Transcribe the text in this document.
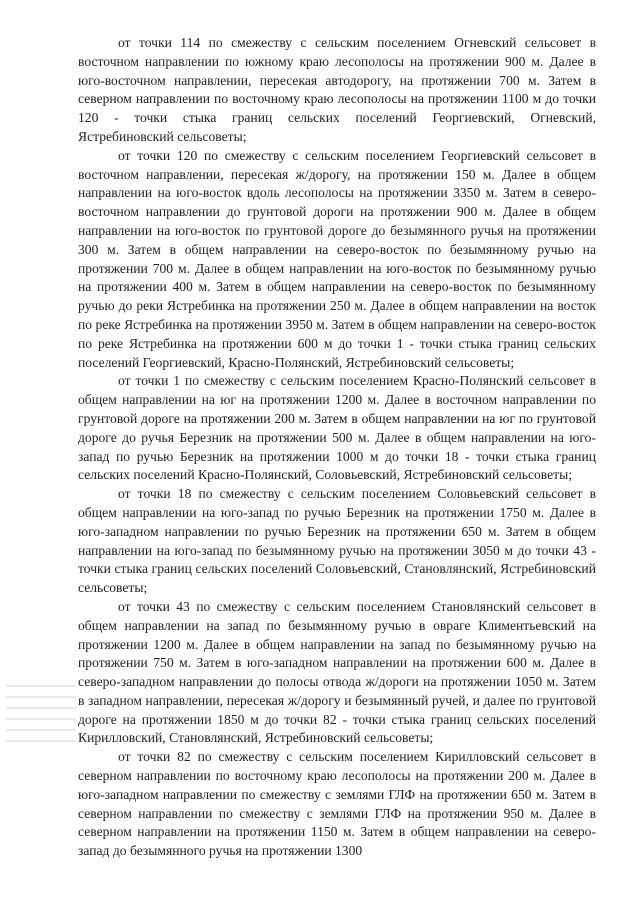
от точки 114 по смежеству с сельским поселением Огневский сельсовет в восточном направлении по южному краю лесополосы на протяжении 900 м. Далее в юго-восточном направлении, пересекая автодорогу, на протяжении 700 м. Затем в северном направлении по восточному краю лесополосы на протяжении 1100 м до точки 120 - точки стыка границ сельских поселений Георгиевский, Огневский, Ястребиновский сельсоветы;

от точки 120 по смежеству с сельским поселением Георгиевский сельсовет в восточном направлении, пересекая ж/дорогу, на протяжении 150 м. Далее в общем направлении на юго-восток вдоль лесополосы на протяжении 3350 м. Затем в северо-восточном направлении до грунтовой дороги на протяжении 900 м. Далее в общем направлении на юго-восток по грунтовой дороге до безымянного ручья на протяжении 300 м. Затем в общем направлении на северо-восток по безымянному ручью на протяжении 700 м. Далее в общем направлении на юго-восток по безымянному ручью на протяжении 400 м. Затем в общем направлении на северо-восток по безымянному ручью до реки Ястребинка на протяжении 250 м. Далее в общем направлении на восток по реке Ястребинка на протяжении 3950 м. Затем в общем направлении на северо-восток по реке Ястребинка на протяжении 600 м до точки 1 - точки стыка границ сельских поселений Георгиевский, Красно-Полянский, Ястребиновский сельсоветы;

от точки 1 по смежеству с сельским поселением Красно-Полянский сельсовет в общем направлении на юг на протяжении 1200 м. Далее в восточном направлении по грунтовой дороге на протяжении 200 м. Затем в общем направлении на юг по грунтовой дороге до ручья Березник на протяжении 500 м. Далее в общем направлении на юго-запад по ручью Березник на протяжении 1000 м до точки 18 - точки стыка границ сельских поселений Красно-Полянский, Соловьевский, Ястребиновский сельсоветы;

от точки 18 по смежеству с сельским поселением Соловьевский сельсовет в общем направлении на юго-запад по ручью Березник на протяжении 1750 м. Далее в юго-западном направлении по ручью Березник на протяжении 650 м. Затем в общем направлении на юго-запад по безымянному ручью на протяжении 3050 м до точки 43 - точки стыка границ сельских поселений Соловьевский, Становлянский, Ястребиновский сельсоветы;

от точки 43 по смежеству с сельским поселением Становлянский сельсовет в общем направлении на запад по безымянному ручью в овраге Климентьевский на протяжении 1200 м. Далее в общем направлении на запад по безымянному ручью на протяжении 750 м. Затем в юго-западном направлении на протяжении 600 м. Далее в северо-западном направлении до полосы отвода ж/дороги на протяжении 1050 м. Затем в западном направлении, пересекая ж/дорогу и безымянный ручей, и далее по грунтовой дороге на протяжении 1850 м до точки 82 - точки стыка границ сельских поселений Кирилловский, Становлянский, Ястребиновский сельсоветы;

от точки 82 по смежеству с сельским поселением Кирилловский сельсовет в северном направлении по восточному краю лесополосы на протяжении 200 м. Далее в юго-западном направлении по смежеству с землями ГЛФ на протяжении 650 м. Затем в северном направлении по смежеству с землями ГЛФ на протяжении 950 м. Далее в северном направлении на протяжении 1150 м. Затем в общем направлении на северо-запад до безымянного ручья на протяжении 1300
